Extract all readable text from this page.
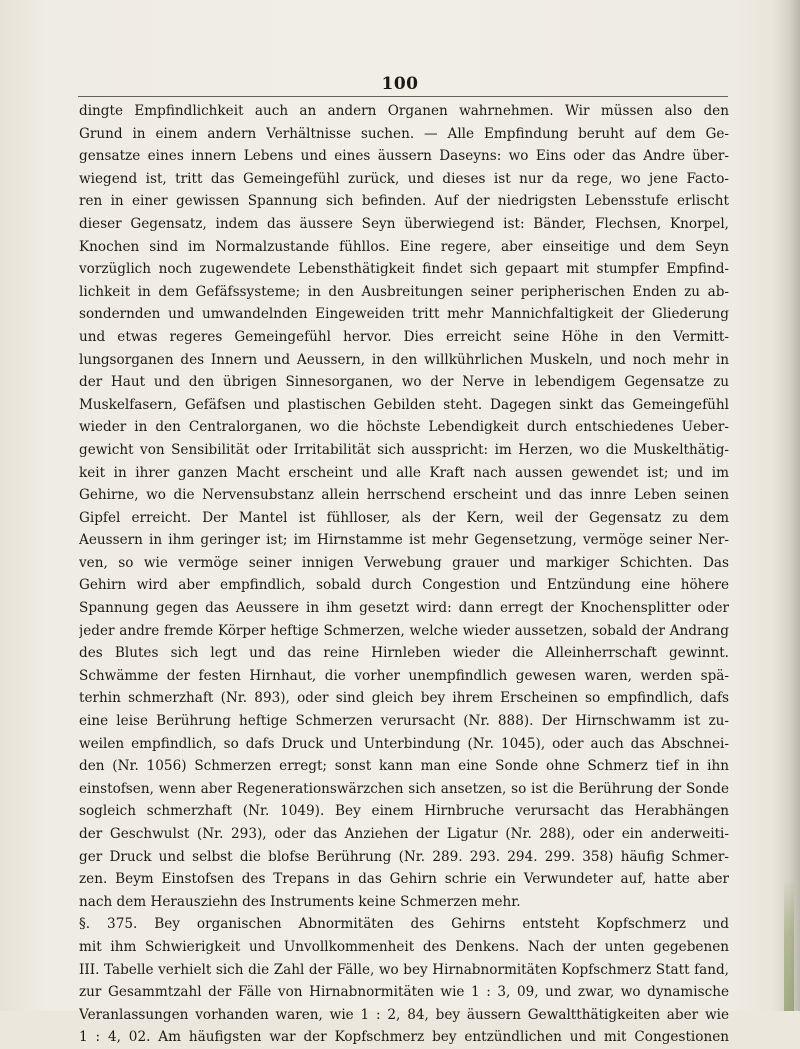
100
dingte Empfindlichkeit auch an andern Organen wahrnehmen. Wir müssen also den
Grund in einem andern Verhältnisse suchen. — Alle Empfindung beruht auf dem Ge-
gensatze eines innern Lebens und eines äussern Daseyns: wo Eins oder das Andre über-
wiegend ist, tritt das Gemeingefühl zurück, und dieses ist nur da rege, wo jene Facto-
ren in einer gewissen Spannung sich befinden. Auf der niedrigsten Lebensstufe erlischt
dieser Gegensatz, indem das äussere Seyn überwiegend ist: Bänder, Flechsen, Knorpel,
Knochen sind im Normalzustande fühllos. Eine regere, aber einseitige und dem Seyn
vorzüglich noch zugewendete Lebensthätigkeit findet sich gepaart mit stumpfer Empfind-
lichkeit in dem Gefäfssysteme; in den Ausbreitungen seiner peripherischen Enden zu ab-
sondernden und umwandelnden Eingeweiden tritt mehr Mannichfaltigkeit der Gliederung
und etwas regeres Gemeingefühl hervor. Dies erreicht seine Höhe in den Vermitt-
lungsorganen des Innern und Aeussern, in den willkührlichen Muskeln, und noch mehr in
der Haut und den übrigen Sinnesorganen, wo der Nerve in lebendigem Gegensatze zu
Muskelfasern, Gefäfsen und plastischen Gebilden steht. Dagegen sinkt das Gemeingefühl
wieder in den Centralorganen, wo die höchste Lebendigkeit durch entschiedenes Ueber-
gewicht von Sensibilität oder Irritabilität sich ausspricht: im Herzen, wo die Muskelthätig-
keit in ihrer ganzen Macht erscheint und alle Kraft nach aussen gewendet ist; und im
Gehirne, wo die Nervensubstanz allein herrschend erscheint und das innre Leben seinen
Gipfel erreicht. Der Mantel ist fühlloser, als der Kern, weil der Gegensatz zu dem
Aeussern in ihm geringer ist; im Hirnstamme ist mehr Gegensetzung, vermöge seiner Ner-
ven, so wie vermöge seiner innigen Verwebung grauer und markiger Schichten. Das
Gehirn wird aber empfindlich, sobald durch Congestion und Entzündung eine höhere
Spannung gegen das Aeussere in ihm gesetzt wird: dann erregt der Knochensplitter oder
jeder andre fremde Körper heftige Schmerzen, welche wieder aussetzen, sobald der Andrang
des Blutes sich legt und das reine Hirnleben wieder die Alleinherrschaft gewinnt.
Schwämme der festen Hirnhaut, die vorher unempfindlich gewesen waren, werden spä-
terhin schmerzhaft (Nr. 893), oder sind gleich bey ihrem Erscheinen so empfindlich, dafs
eine leise Berührung heftige Schmerzen verursacht (Nr. 888). Der Hirnschwamm ist zu-
weilen empfindlich, so dafs Druck und Unterbindung (Nr. 1045), oder auch das Abschnei-
den (Nr. 1056) Schmerzen erregt; sonst kann man eine Sonde ohne Schmerz tief in ihn
einstofsen, wenn aber Regenerationswärzchen sich ansetzen, so ist die Berührung der Sonde
sogleich schmerzhaft (Nr. 1049). Bey einem Hirnbruche verursacht das Herabhängen
der Geschwulst (Nr. 293), oder das Anziehen der Ligatur (Nr. 288), oder ein anderweiti-
ger Druck und selbst die blofse Berührung (Nr. 289. 293. 294. 299. 358) häufig Schmer-
zen. Beym Einstofsen des Trepans in das Gehirn schrie ein Verwundeter auf, hatte aber
nach dem Herausziehn des Instruments keine Schmerzen mehr.
§. 375. Bey organischen Abnormitäten des Gehirns entsteht Kopfschmerz und
mit ihm Schwierigkeit und Unvollkommenheit des Denkens. Nach der unten gegebenen
III. Tabelle verhielt sich die Zahl der Fälle, wo bey Hirnabnormitäten Kopfschmerz Statt fand,
zur Gesammtzahl der Fälle von Hirnabnormitäten wie 1 : 3, 09, und zwar, wo dynamische
Veranlassungen vorhanden waren, wie 1 : 2, 84, bey äussern Gewaltthätigkeiten aber wie
1 : 4, 02. Am häufigsten war der Kopfschmerz bey entzündlichen und mit Congestionen
